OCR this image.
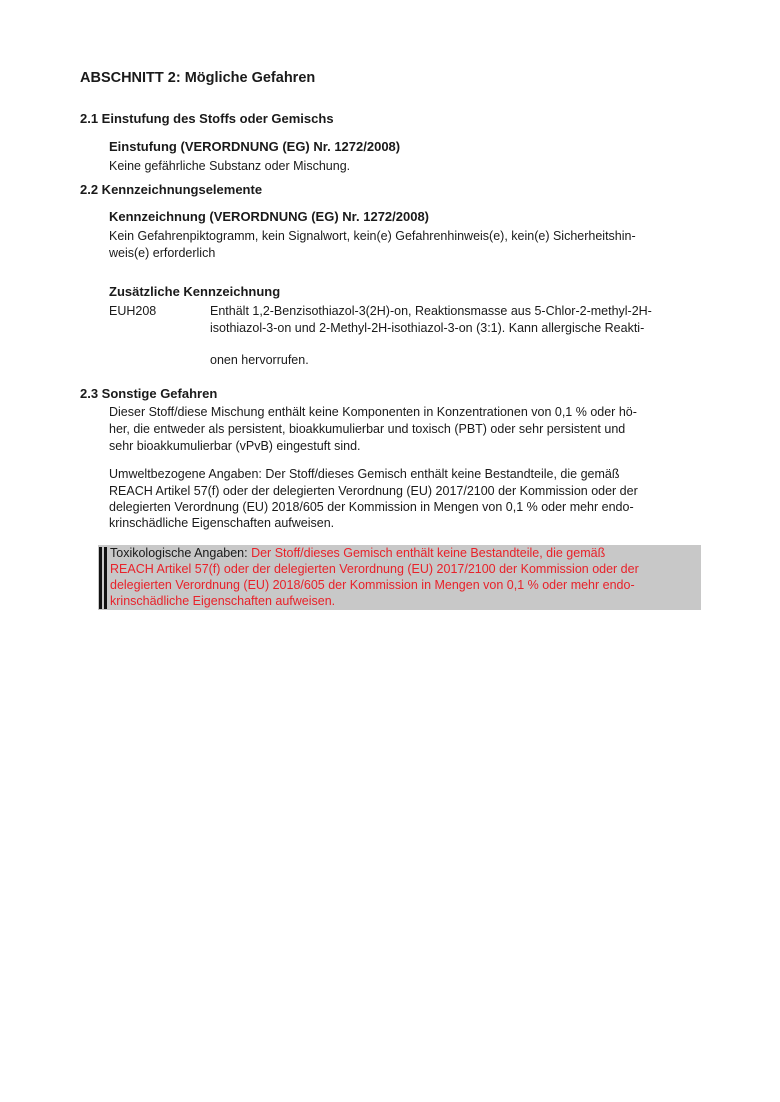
ABSCHNITT 2: Mögliche Gefahren
2.1 Einstufung des Stoffs oder Gemischs
Einstufung (VERORDNUNG (EG) Nr. 1272/2008)
Keine gefährliche Substanz oder Mischung.
2.2 Kennzeichnungselemente
Kennzeichnung (VERORDNUNG (EG) Nr. 1272/2008)
Kein Gefahrenpiktogramm, kein Signalwort, kein(e) Gefahrenhinweis(e), kein(e) Sicherheitshin-
weis(e) erforderlich
Zusätzliche Kennzeichnung
EUH208	Enthält 1,2-Benzisothiazol-3(2H)-on, Reaktionsmasse aus 5-Chlor-2-methyl-2H-
isothiazol-3-on und 2-Methyl-2H-isothiazol-3-on (3:1). Kann allergische Reakti-
onen hervorrufen.
2.3 Sonstige Gefahren
Dieser Stoff/diese Mischung enthält keine Komponenten in Konzentrationen von 0,1 % oder hö-
her, die entweder als persistent, bioakkumulierbar und toxisch (PBT) oder sehr persistent und
sehr bioakkumulierbar (vPvB) eingestuft sind.
Umweltbezogene Angaben: Der Stoff/dieses Gemisch enthält keine Bestandteile, die gemäß
REACH Artikel 57(f) oder der delegierten Verordnung (EU) 2017/2100 der Kommission oder der
delegierten Verordnung (EU) 2018/605 der Kommission in Mengen von 0,1 % oder mehr endo-
krinschädliche Eigenschaften aufweisen.
Toxikologische Angaben: Der Stoff/dieses Gemisch enthält keine Bestandteile, die gemäß
REACH Artikel 57(f) oder der delegierten Verordnung (EU) 2017/2100 der Kommission oder der
delegierten Verordnung (EU) 2018/605 der Kommission in Mengen von 0,1 % oder mehr endo-
krinschädliche Eigenschaften aufweisen.
